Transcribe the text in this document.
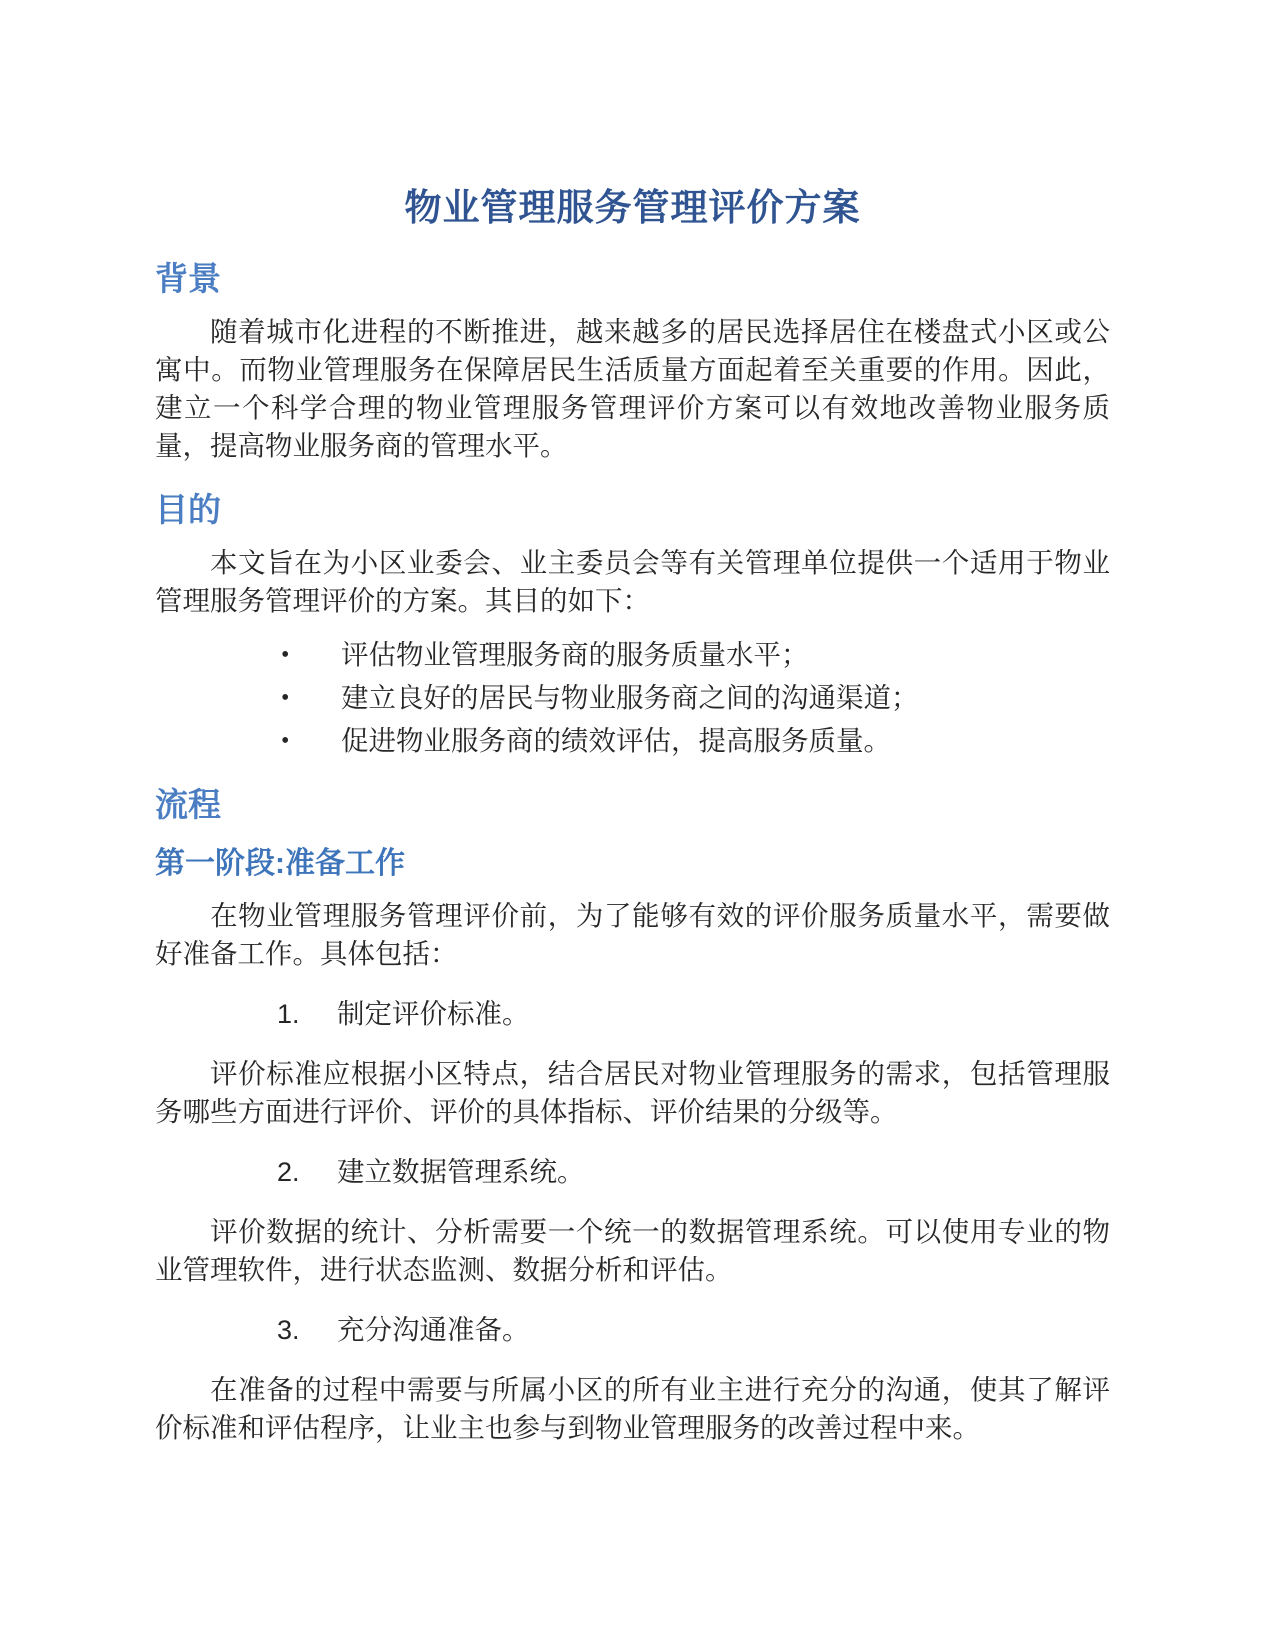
物业管理服务管理评价方案
背景

随着城市化进程的不断推进，越来越多的居民选择居住在楼盘式小区或公寓中。而物业管理服务在保障居民生活质量方面起着至关重要的作用。因此，建立一个科学合理的物业管理服务管理评价方案可以有效地改善物业服务质量，提高物业服务商的管理水平。

目的

本文旨在为小区业委会、业主委员会等有关管理单位提供一个适用于物业管理服务管理评价的方案。其目的如下：

•	评估物业管理服务商的服务质量水平；
•	建立良好的居民与物业服务商之间的沟通渠道；
•	促进物业服务商的绩效评估，提高服务质量。
流程
第一阶段:准备工作

在物业管理服务管理评价前，为了能够有效的评价服务质量水平，需要做好准备工作。具体包括：

1.	制定评价标准。

评价标准应根据小区特点，结合居民对物业管理服务的需求，包括管理服务哪些方面进行评价、评价的具体指标、评价结果的分级等。

2.	建立数据管理系统。

评价数据的统计、分析需要一个统一的数据管理系统。可以使用专业的物业管理软件，进行状态监测、数据分析和评估。

3.	充分沟通准备。

在准备的过程中需要与所属小区的所有业主进行充分的沟通，使其了解评价标准和评估程序，让业主也参与到物业管理服务的改善过程中来。
